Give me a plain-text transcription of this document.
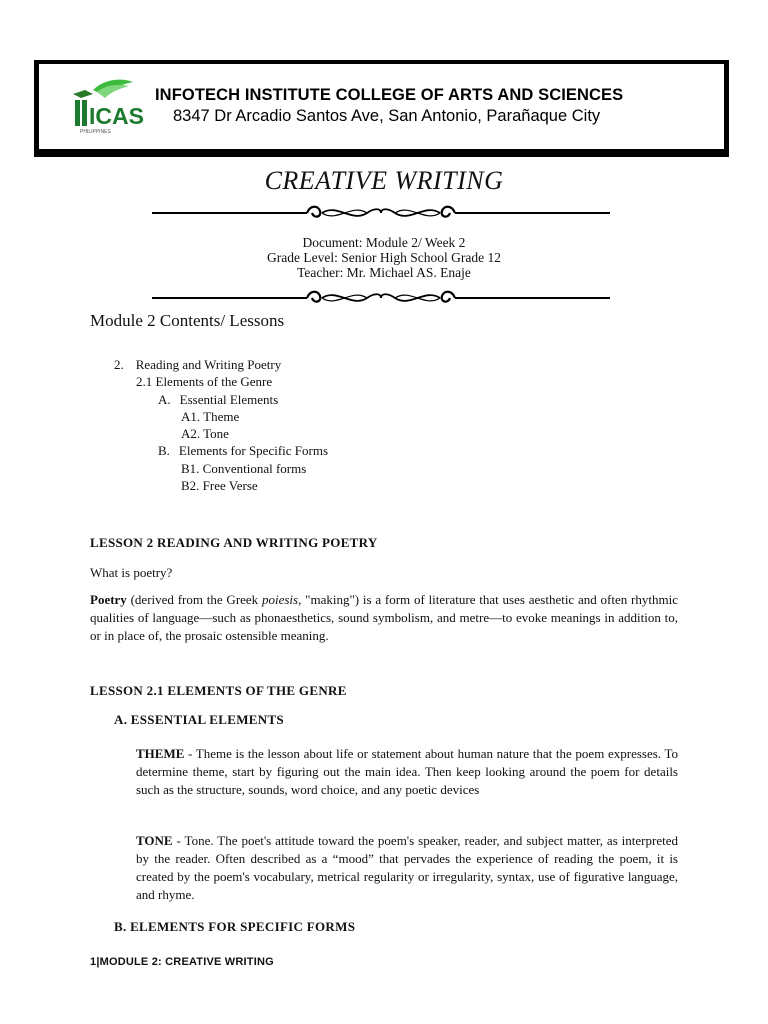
ICAS
PHILIPPINES
INFOTECH INSTITUTE COLLEGE OF ARTS AND SCIENCES
8347 Dr Arcadio Santos Ave, San Antonio, Parañaque City
CREATIVE WRITING
Document: Module 2/ Week 2
Grade Level: Senior High School Grade 12
Teacher: Mr. Michael AS. Enaje
Module 2 Contents/ Lessons
2. Reading and Writing Poetry
2.1 Elements of the Genre
A. Essential Elements
A1. Theme
A2. Tone
B. Elements for Specific Forms
B1. Conventional forms
B2. Free Verse
LESSON 2 READING AND WRITING POETRY
What is poetry?
Poetry (derived from the Greek poiesis, "making") is a form of literature that uses aesthetic and often rhythmic qualities of language—such as phonaesthetics, sound symbolism, and metre—to evoke meanings in addition to, or in place of, the prosaic ostensible meaning.
LESSON 2.1 ELEMENTS OF THE GENRE
A. ESSENTIAL ELEMENTS
THEME - Theme is the lesson about life or statement about human nature that the poem expresses. To determine theme, start by figuring out the main idea. Then keep looking around the poem for details such as the structure, sounds, word choice, and any poetic devices
TONE - Tone. The poet's attitude toward the poem's speaker, reader, and subject matter, as interpreted by the reader. Often described as a “mood” that pervades the experience of reading the poem, it is created by the poem's vocabulary, metrical regularity or irregularity, syntax, use of figurative language, and rhyme.
B. ELEMENTS FOR SPECIFIC FORMS
1|MODULE 2: CREATIVE WRITING
